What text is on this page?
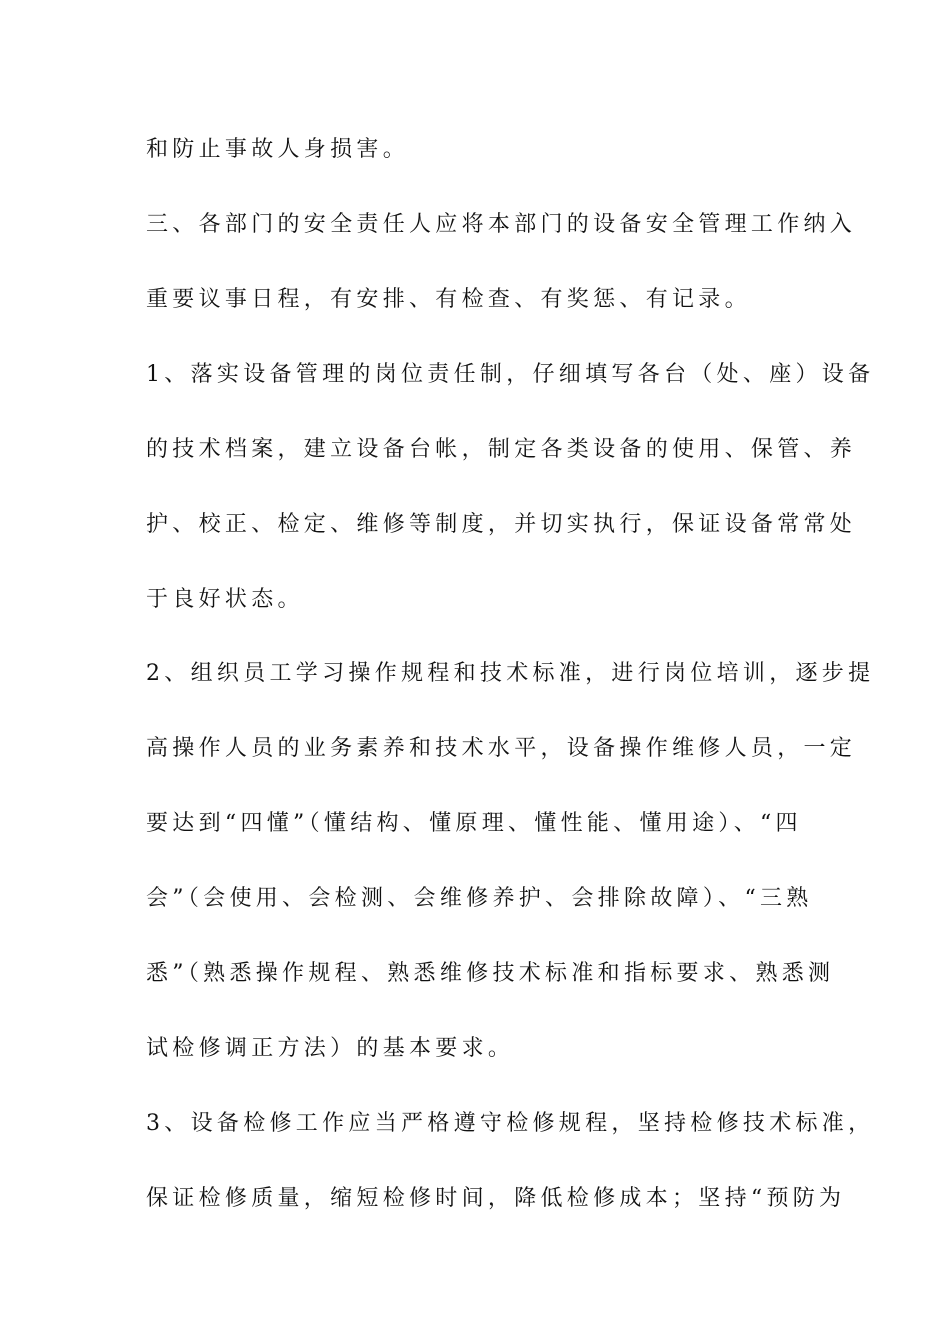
和防止事故人身损害。
三、各部门的安全责任人应将本部门的设备安全管理工作纳入
重要议事日程，有安排、有检查、有奖惩、有记录。
1、落实设备管理的岗位责任制，仔细填写各台（处、座）设备
的技术档案，建立设备台帐，制定各类设备的使用、保管、养
护、校正、检定、维修等制度，并切实执行，保证设备常常处
于良好状态。
2、组织员工学习操作规程和技术标准，进行岗位培训，逐步提
高操作人员的业务素养和技术水平，设备操作维修人员，一定
要达到“四懂”（懂结构、懂原理、懂性能、懂用途）、“四
会”（会使用、会检测、会维修养护、会排除故障）、“三熟
悉”（熟悉操作规程、熟悉维修技术标准和指标要求、熟悉测
试检修调正方法）的基本要求。
3、设备检修工作应当严格遵守检修规程，坚持检修技术标准，
保证检修质量，缩短检修时间，降低检修成本；坚持“预防为
